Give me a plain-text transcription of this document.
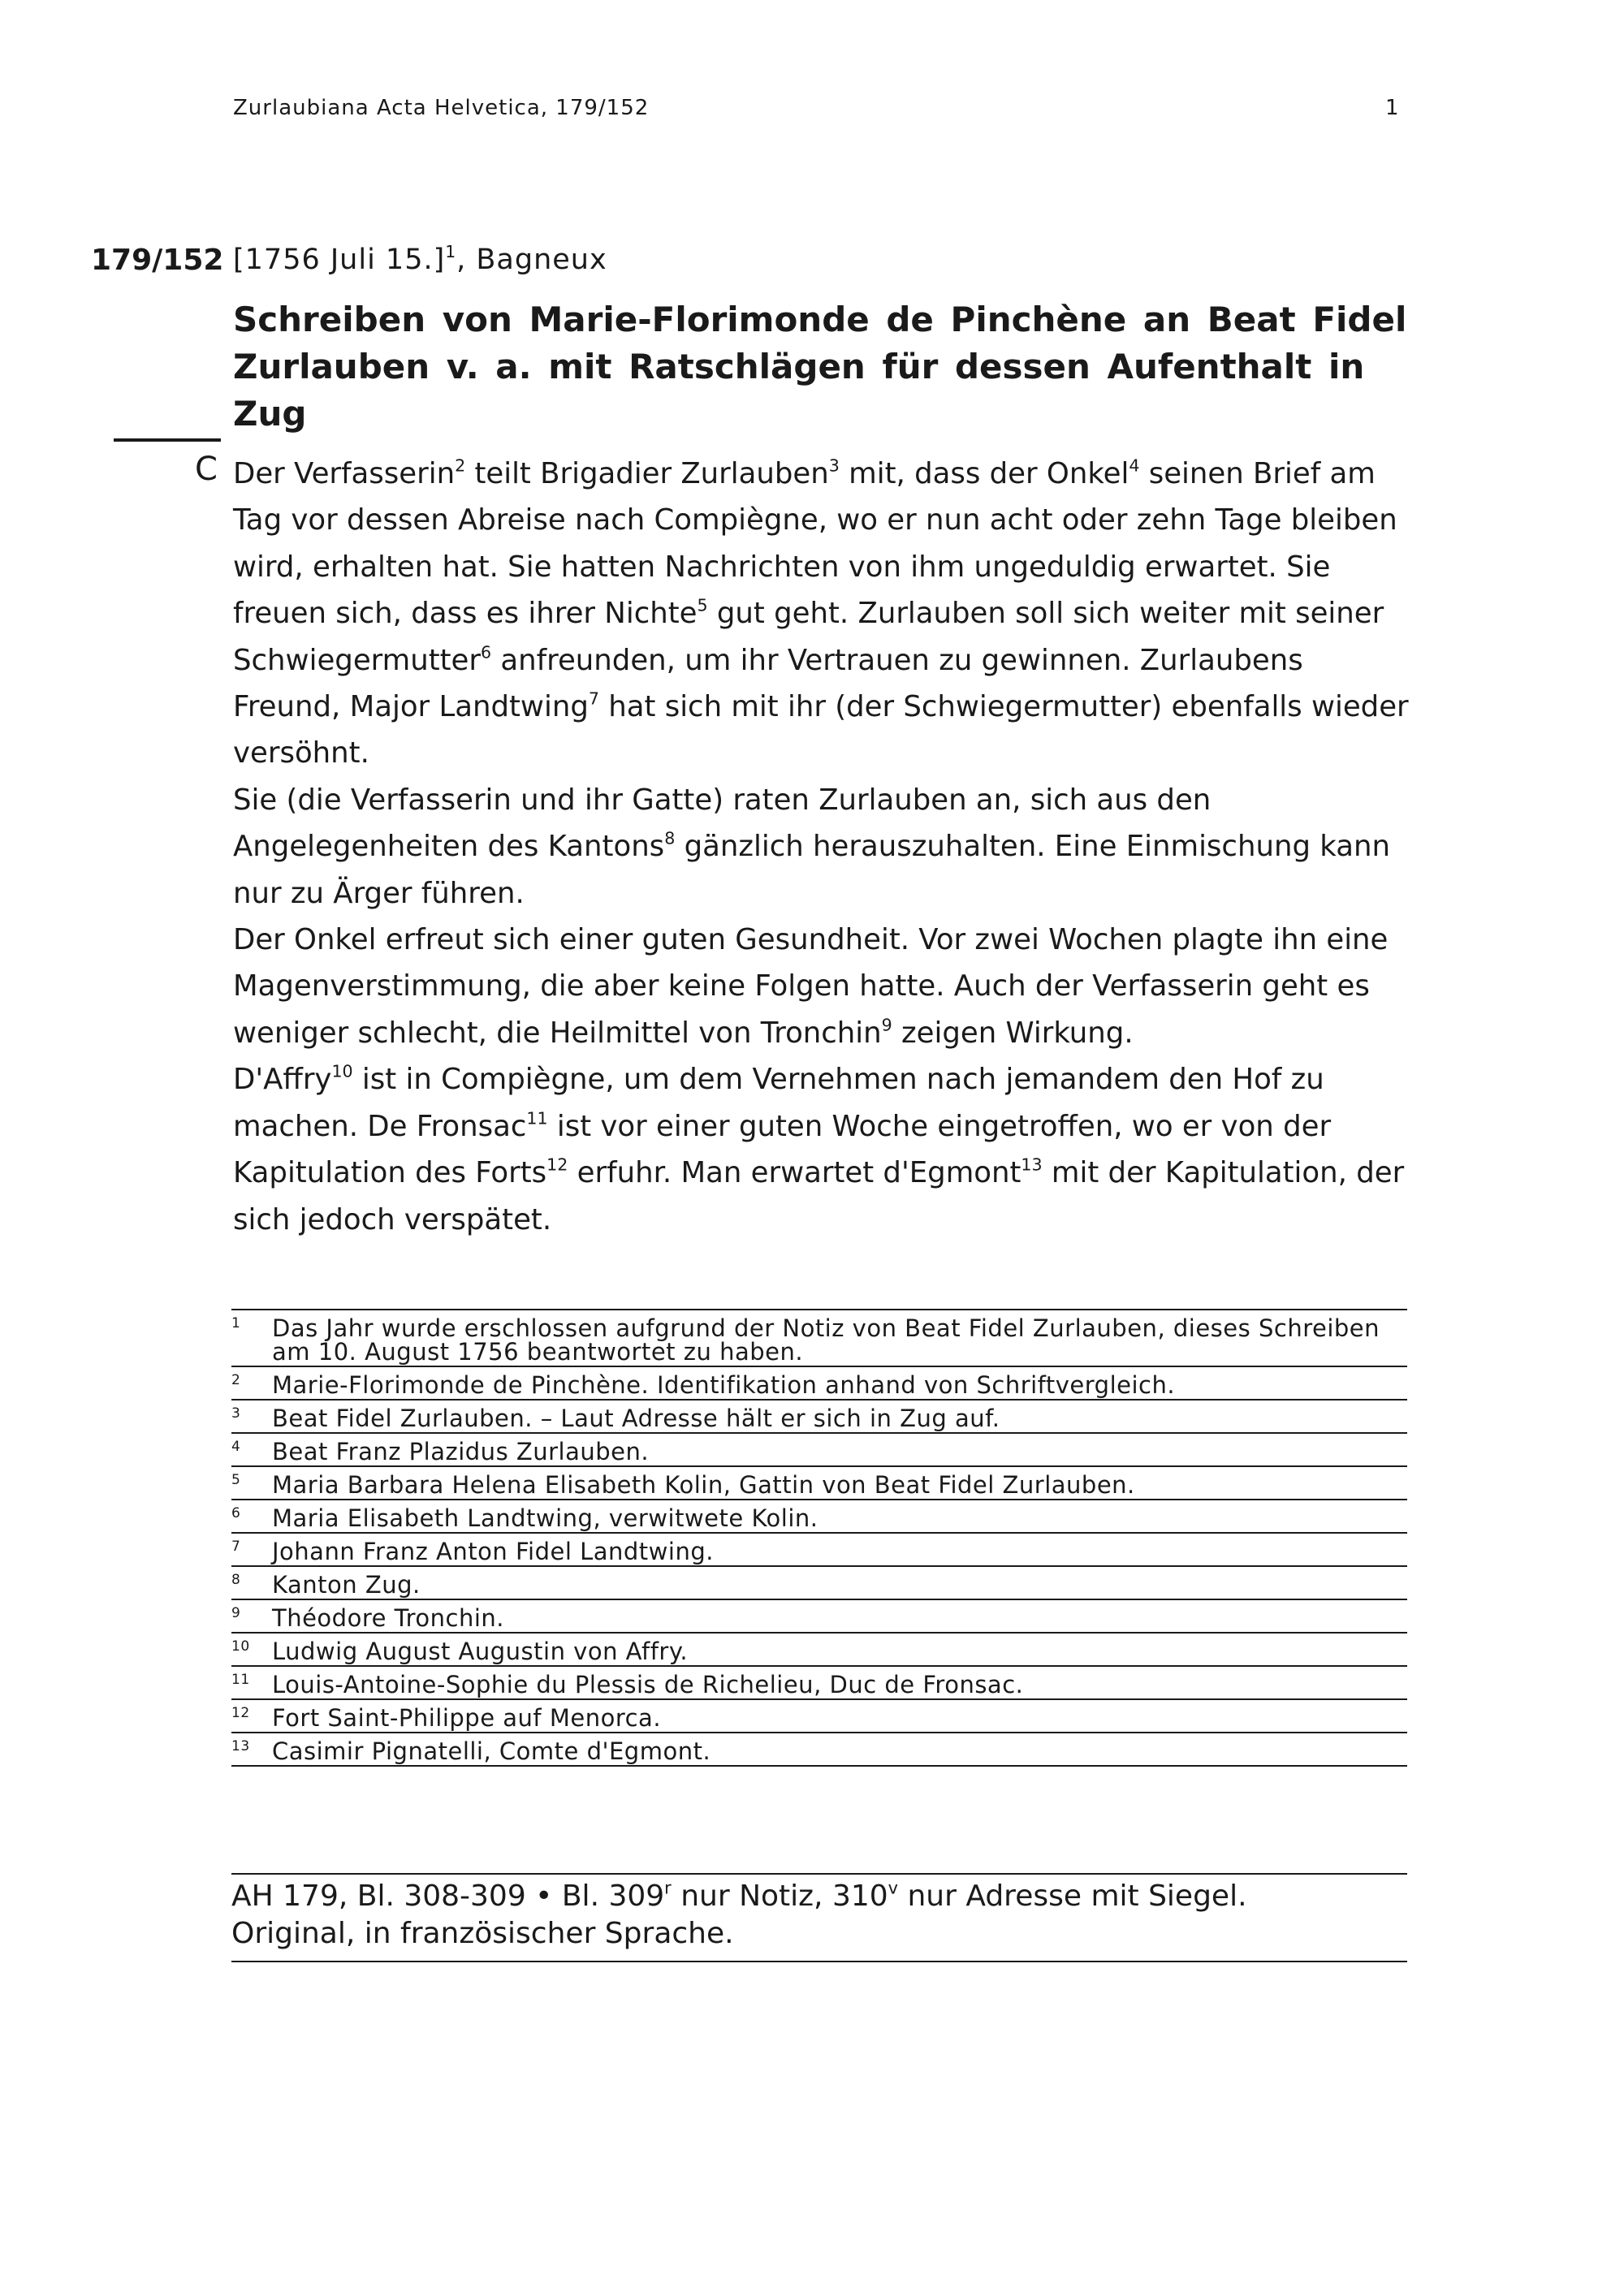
Zurlaubiana Acta Helvetica, 179/152	1
179/152 [1756 Juli 15.]$^1$, Bagneux
Schreiben von Marie-Florimonde de Pinchène an Beat Fidel Zurlauben v. a. mit Ratschlägen für dessen Aufenthalt in Zug
C Der Verfasserin$^2$ teilt Brigadier Zurlauben$^3$ mit, dass der Onkel$^4$ seinen Brief am Tag vor dessen Abreise nach Compiègne, wo er nun acht oder zehn Tage bleiben wird, erhalten hat. Sie hatten Nachrichten von ihm ungeduldig erwartet. Sie freuen sich, dass es ihrer Nichte$^5$ gut geht. Zurlauben soll sich weiter mit seiner Schwiegermutter$^6$ anfreunden, um ihr Vertrauen zu gewinnen. Zurlaubens Freund, Major Landtwing$^7$ hat sich mit ihr (der Schwiegermutter) ebenfalls wieder versöhnt.

Sie (die Verfasserin und ihr Gatte) raten Zurlauben an, sich aus den Angelegenheiten des Kantons$^8$ gänzlich herauszuhalten. Eine Einmischung kann nur zu Ärger führen.

Der Onkel erfreut sich einer guten Gesundheit. Vor zwei Wochen plagte ihn eine Magenverstimmung, die aber keine Folgen hatte. Auch der Verfasserin geht es weniger schlecht, die Heilmittel von Tronchin$^9$ zeigen Wirkung.

D'Affry$^{10}$ ist in Compiègne, um dem Vernehmen nach jemandem den Hof zu machen. De Fronsac$^{11}$ ist vor einer guten Woche eingetroffen, wo er von der Kapitulation des Forts$^{12}$ erfuhr. Man erwartet d'Egmont$^{13}$ mit der Kapitulation, der sich jedoch verspätet.

1	Das Jahr wurde erschlossen aufgrund der Notiz von Beat Fidel Zurlauben, dieses Schreiben am 10. August 1756 beantwortet zu haben.
2	Marie-Florimonde de Pinchène. Identifikation anhand von Schriftvergleich.
3	Beat Fidel Zurlauben. – Laut Adresse hält er sich in Zug auf.
4	Beat Franz Plazidus Zurlauben.
5	Maria Barbara Helena Elisabeth Kolin, Gattin von Beat Fidel Zurlauben.
6	Maria Elisabeth Landtwing, verwitwete Kolin.
7	Johann Franz Anton Fidel Landtwing.
8	Kanton Zug.
9	Théodore Tronchin.
10 Ludwig August Augustin von Affry.
11 Louis-Antoine-Sophie du Plessis de Richelieu, Duc de Fronsac.
12 Fort Saint-Philippe auf Menorca.
13 Casimir Pignatelli, Comte d'Egmont.
AH 179, Bl. 308-309 • Bl. 309$^r$ nur Notiz, 310$^v$ nur Adresse mit Siegel.
Original, in französischer Sprache.
